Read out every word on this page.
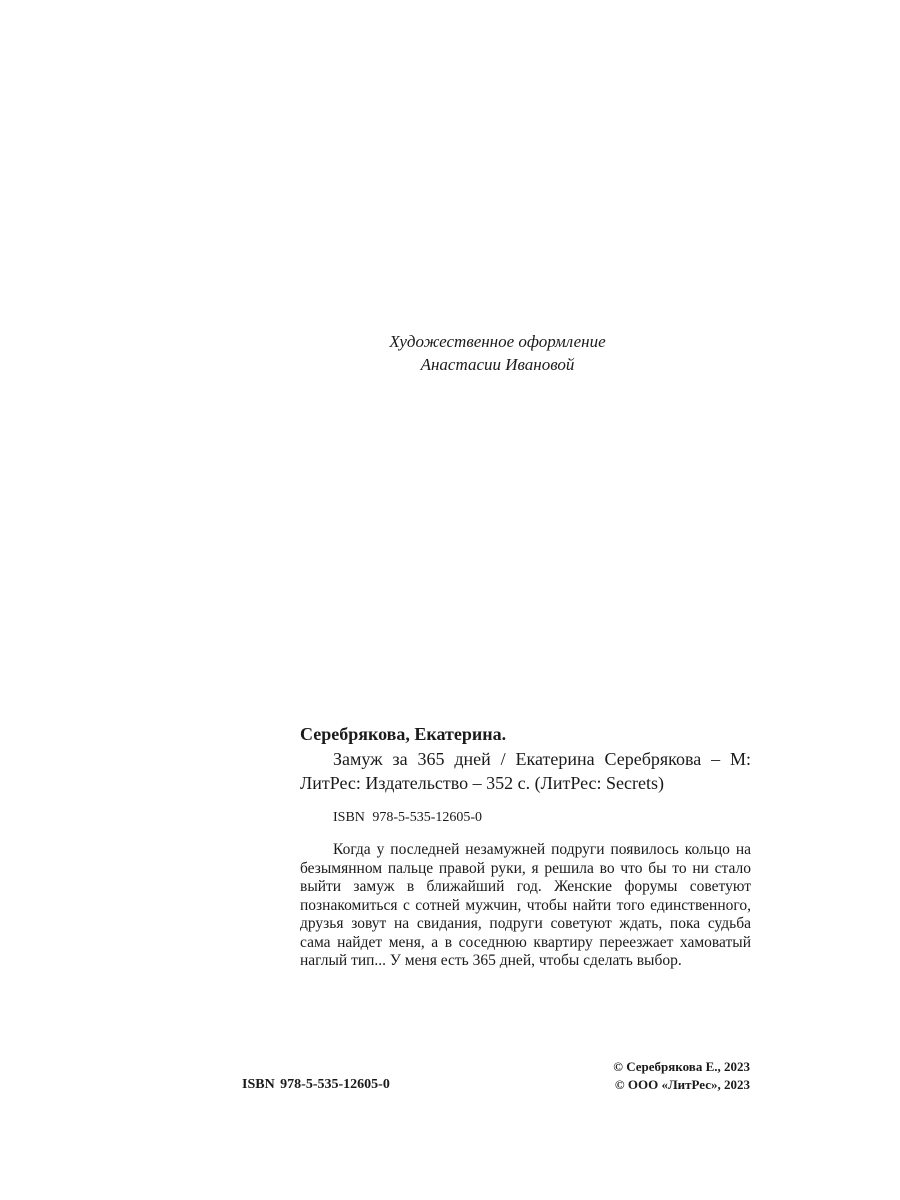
Художественное оформление
Анастасии Ивановой
Серебрякова, Екатерина.

Замуж за 365 дней / Екатерина Серебрякова – М: ЛитРес: Издательство – 352 с. (ЛитРес: Secrets)

ISBN 978-5-535-12605-0

Когда у последней незамужней подруги появилось кольцо на безымянном пальце правой руки, я решила во что бы то ни стало выйти замуж в ближайший год. Женские форумы советуют познакомиться с сотней мужчин, чтобы найти того единственного, друзья зовут на свидания, подруги советуют ждать, пока судьба сама найдет меня, а в соседнюю квартиру переезжает хамоватый наглый тип... У меня есть 365 дней, чтобы сделать выбор.

ISBN 978-5-535-12605-0
© Серебрякова Е., 2023
© ООО «ЛитРес», 2023
